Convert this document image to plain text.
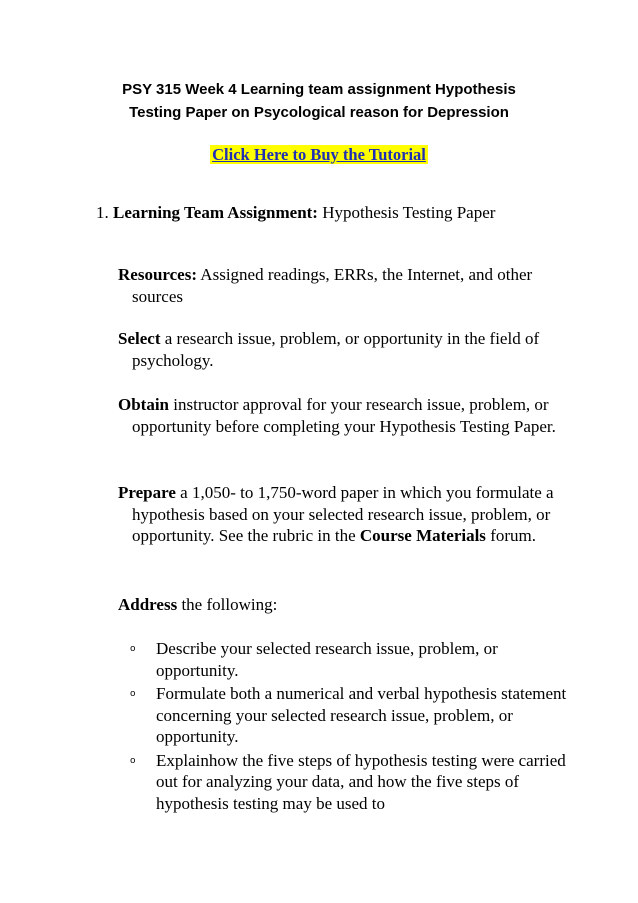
PSY 315 Week 4 Learning team assignment Hypothesis
Testing Paper on Psycological reason for Depression
Click Here to Buy the Tutorial
1. Learning Team Assignment: Hypothesis Testing Paper
Resources: Assigned readings, ERRs, the Internet, and other sources
Select a research issue, problem, or opportunity in the field of psychology.
Obtain instructor approval for your research issue, problem, or opportunity before completing your Hypothesis Testing Paper.
Prepare a 1,050- to 1,750-word paper in which you formulate a hypothesis based on your selected research issue, problem, or opportunity. See the rubric in the Course Materials forum.
Address the following:
o Describe your selected research issue, problem, or opportunity.
o Formulate both a numerical and verbal hypothesis statement concerning your selected research issue, problem, or opportunity.
o Explainhow the five steps of hypothesis testing were carried out for analyzing your data, and how the five steps of hypothesis testing may be used to
